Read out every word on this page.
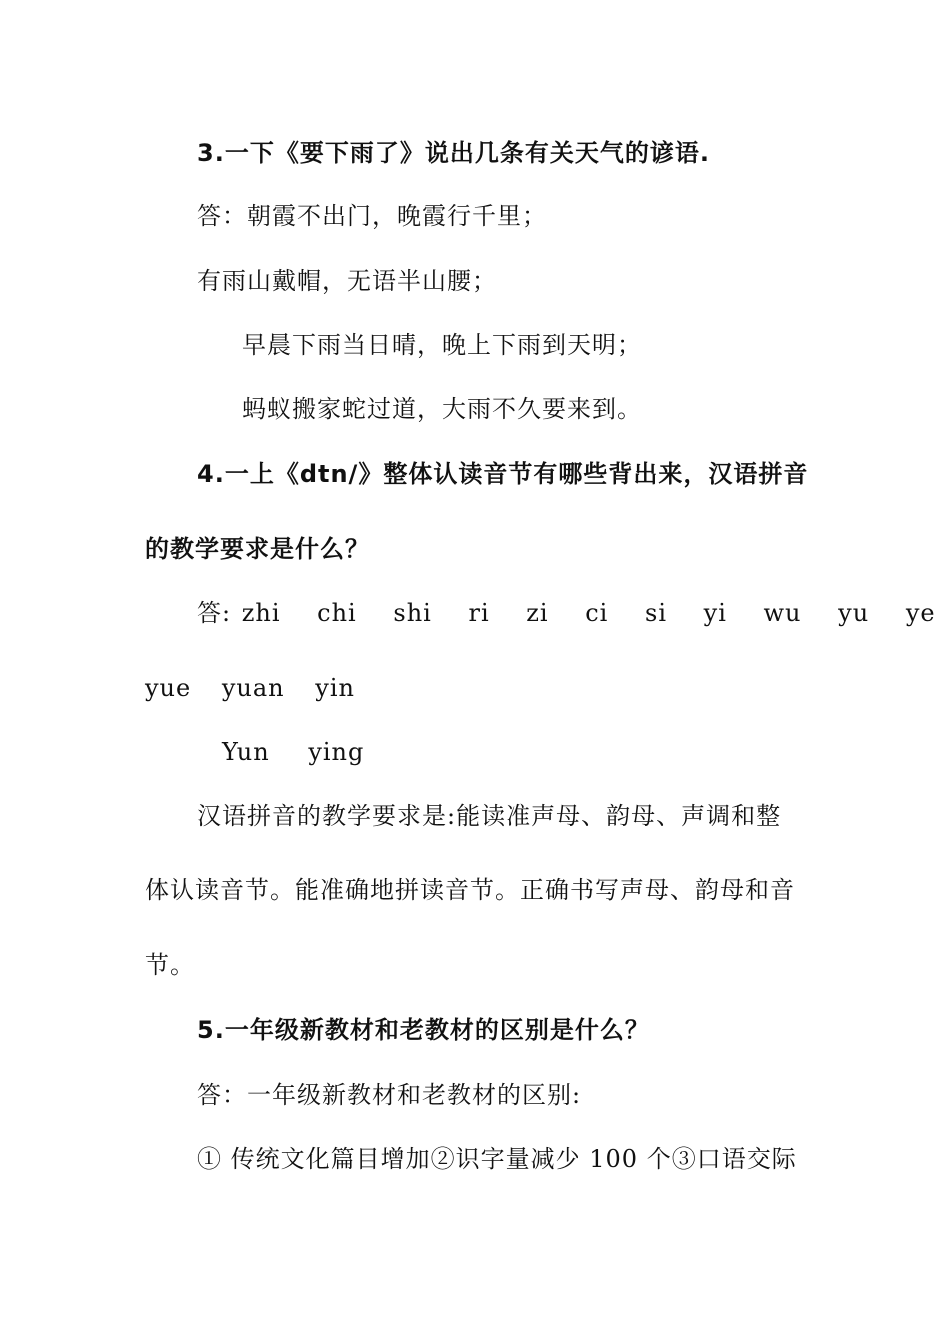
3.一下《要下雨了》说出几条有关天气的谚语.
答：朝霞不出门，晚霞行千里；
有雨山戴帽，无语半山腰；
早晨下雨当日晴，晚上下雨到天明；
蚂蚁搬家蛇过道，大雨不久要来到。
4.一上《dtn/》整体认读音节有哪些背出来，汉语拼音
的教学要求是什么？
答: zhi chi shi ri zi ci si yi wu yu ye
yue yuan yin
Yun ying
汉语拼音的教学要求是:能读准声母、韵母、声调和整
体认读音节。能准确地拼读音节。正确书写声母、韵母和音
节。
5.一年级新教材和老教材的区别是什么？
答：一年级新教材和老教材的区别:
① 传统文化篇目增加②识字量减少 100 个③口语交际
